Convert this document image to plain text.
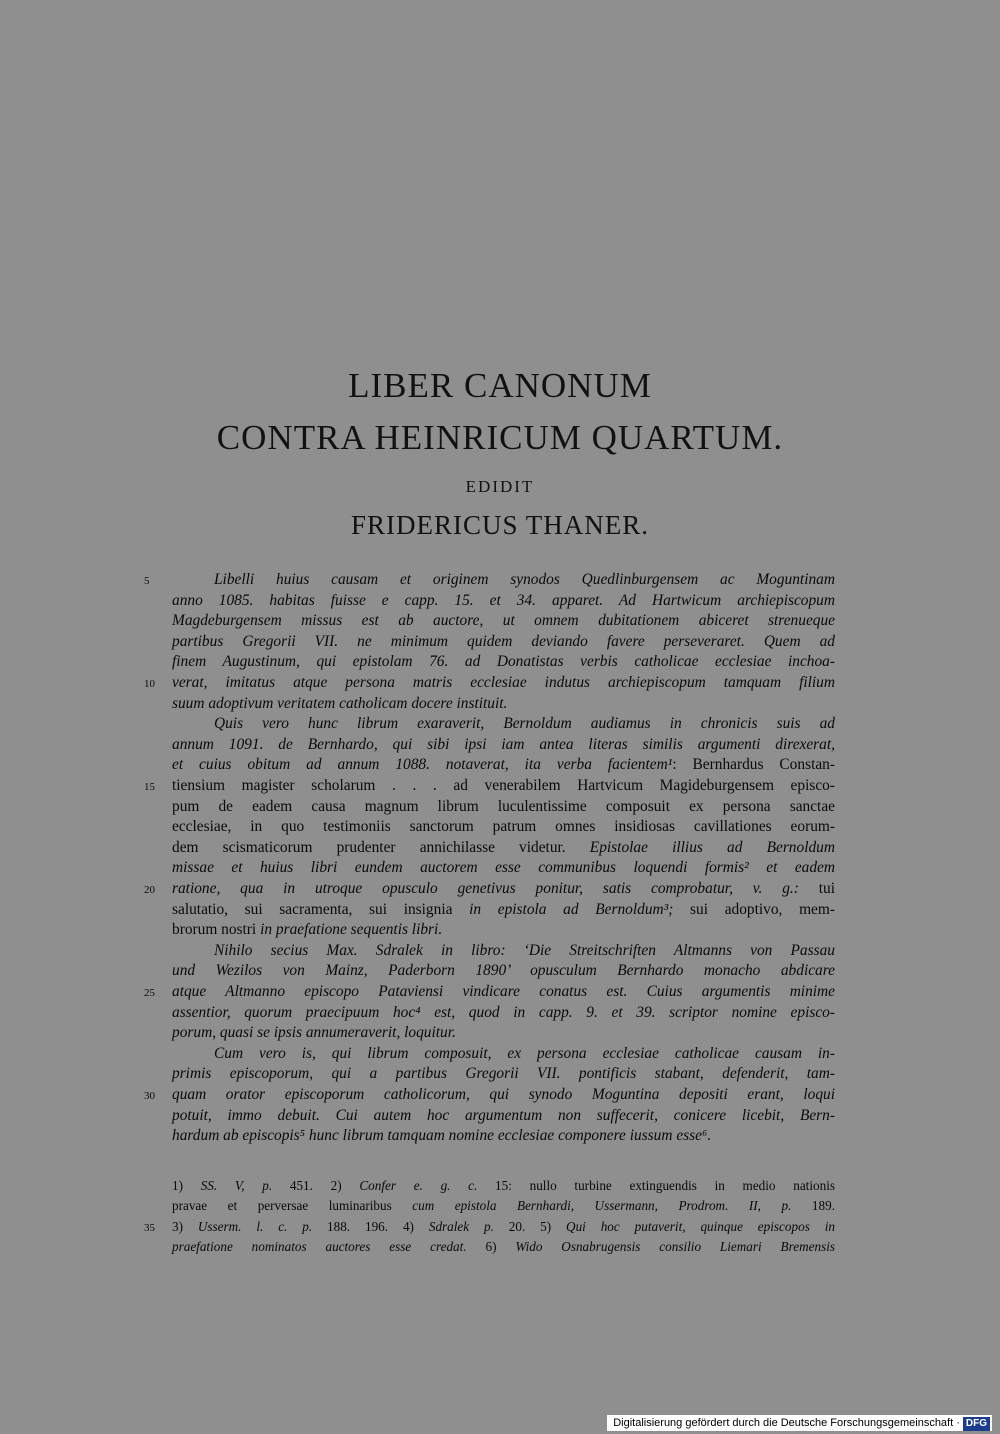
LIBER CANONUM
CONTRA HEINRICUM QUARTUM.
EDIDIT
FRIDERICUS THANER.
5
10
15
20
25
30
35
Libelli huius causam et originem synodos Quedlinburgensem ac Moguntinam
anno 1085. habitas fuisse e capp. 15. et 34. apparet. Ad Hartwicum archiepiscopum
Magdeburgensem missus est ab auctore, ut omnem dubitationem abiceret strenueque
partibus Gregorii VII. ne minimum quidem deviando favere perseveraret. Quem ad
finem Augustinum, qui epistolam 76. ad Donatistas verbis catholicae ecclesiae inchoa-
verat, imitatus atque persona matris ecclesiae indutus archiepiscopum tamquam filium
suum adoptivum veritatem catholicam docere instituit.
Quis vero hunc librum exaraverit, Bernoldum audiamus in chronicis suis ad
annum 1091. de Bernhardo, qui sibi ipsi iam antea literas similis argumenti direxerat,
et cuius obitum ad annum 1088. notaverat, ita verba facientem¹: Bernhardus Constan-
tiensium magister scholarum . . . ad venerabilem Hartvicum Magideburgensem episco-
pum de eadem causa magnum librum luculentissime composuit ex persona sanctae
ecclesiae, in quo testimoniis sanctorum patrum omnes insidiosas cavillationes eorum-
dem scismaticorum prudenter annichilasse videtur. Epistolae illius ad Bernoldum
missae et huius libri eundem auctorem esse communibus loquendi formis² et eadem
ratione, qua in utroque opusculo genetivus ponitur, satis comprobatur, v. g.: tui
salutatio, sui sacramenta, sui insignia in epistola ad Bernoldum³; sui adoptivo, mem-
brorum nostri in praefatione sequentis libri.
Nihilo secius Max. Sdralek in libro: ‘Die Streitschriften Altmanns von Passau
und Wezilos von Mainz, Paderborn 1890’ opusculum Bernhardo monacho abdicare
atque Altmanno episcopo Pataviensi vindicare conatus est. Cuius argumentis minime
assentior, quorum praecipuum hoc⁴ est, quod in capp. 9. et 39. scriptor nomine episco-
porum, quasi se ipsis annumeraverit, loquitur.
Cum vero is, qui librum composuit, ex persona ecclesiae catholicae causam in-
primis episcoporum, qui a partibus Gregorii VII. pontificis stabant, defenderit, tam-
quam orator episcoporum catholicorum, qui synodo Moguntina depositi erant, loqui
potuit, immo debuit. Cui autem hoc argumentum non suffecerit, conicere licebit, Bern-
hardum ab episcopis⁵ hunc librum tamquam nomine ecclesiae componere iussum esse⁶.
1) SS. V, p. 451. 2) Confer e. g. c. 15: nullo turbine extinguendis in medio nationis
pravae et perversae luminaribus cum epistola Bernhardi, Ussermann, Prodrom. II, p. 189.
3) Usserm. l. c. p. 188. 196. 4) Sdralek p. 20. 5) Qui hoc putaverit, quinque episcopos in
praefatione nominatos auctores esse credat. 6) Wido Osnabrugensis consilio Liemari Bremensis
Digitalisierung gefördert durch die Deutsche Forschungsgemeinschaft · DFG
